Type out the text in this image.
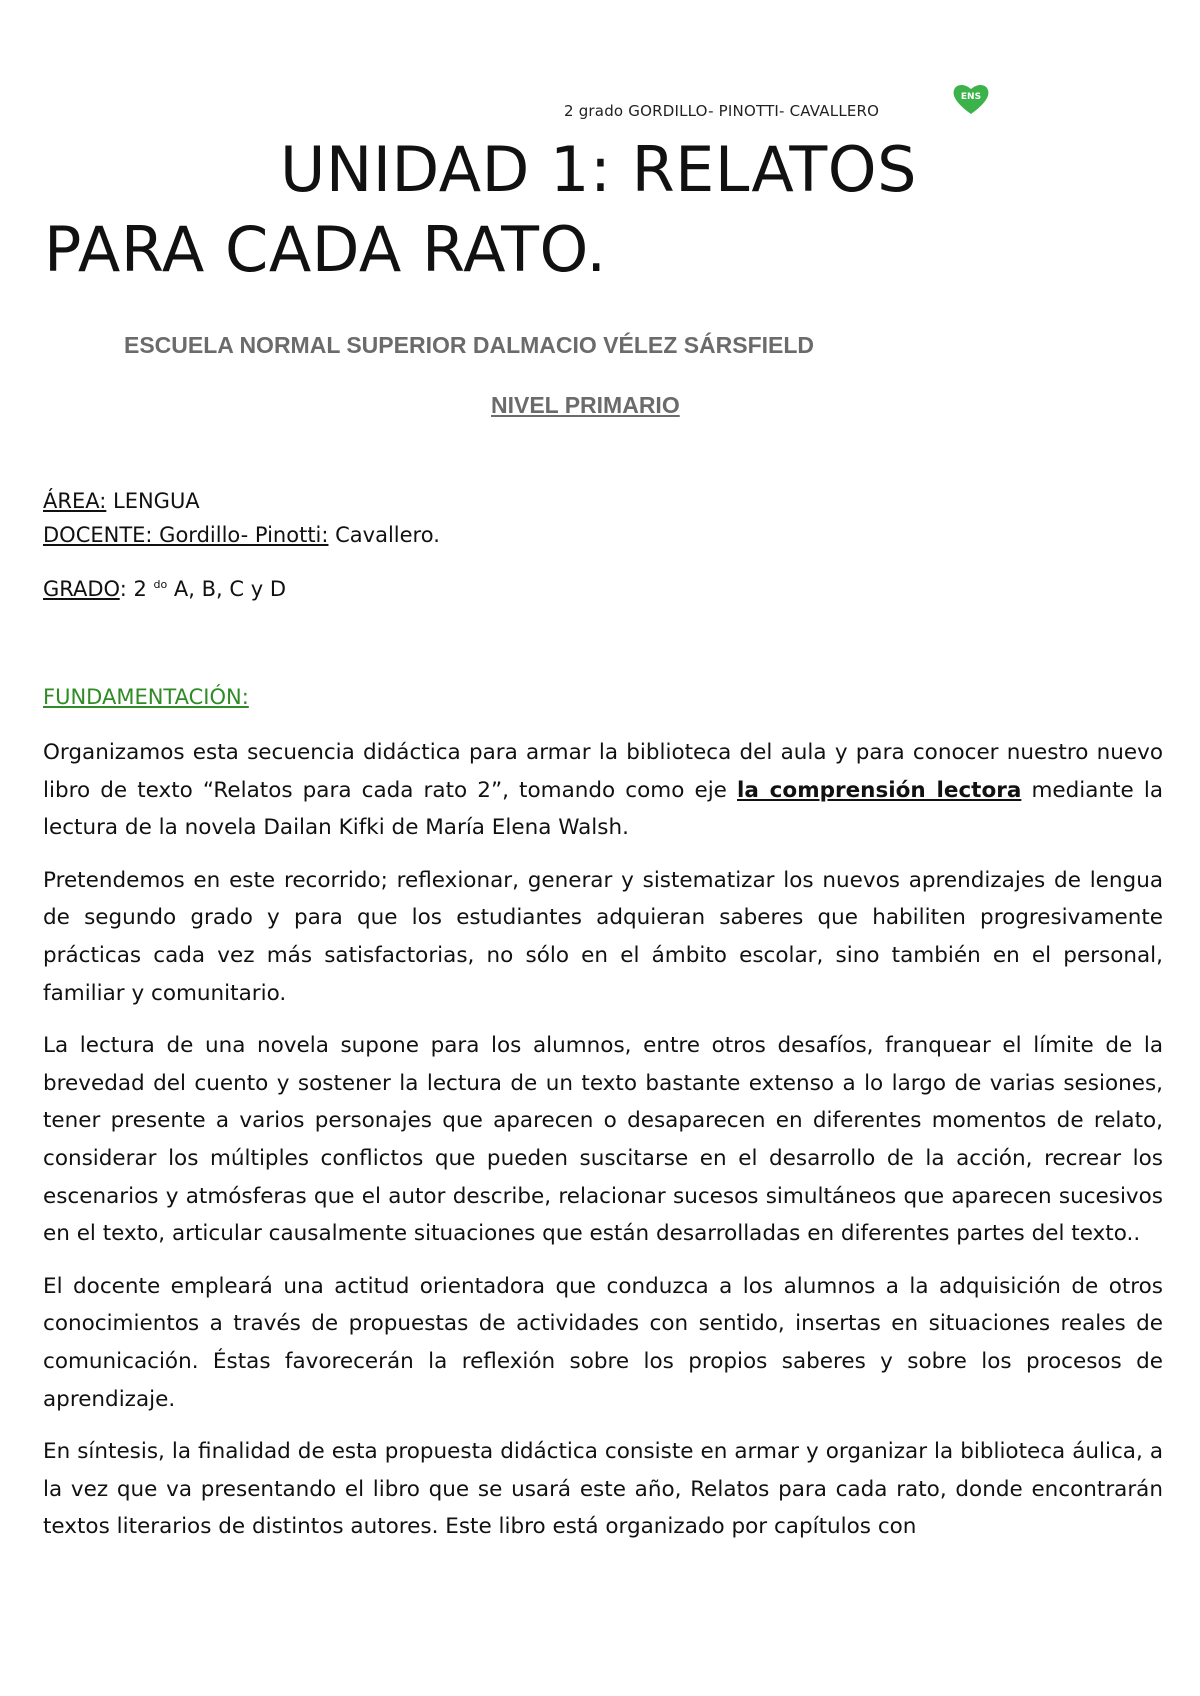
2 grado GORDILLO- PINOTTI- CAVALLERO
ENS
UNIDAD 1: RELATOS
PARA CADA RATO.
ESCUELA NORMAL SUPERIOR DALMACIO VÉLEZ SÁRSFIELD
NIVEL PRIMARIO
ÁREA: LENGUA
DOCENTE: Gordillo- Pinotti: Cavallero.
GRADO: 2 $^{do}$ A, B, C y D
FUNDAMENTACIÓN:

Organizamos esta secuencia didáctica para armar la biblioteca del aula y para conocer nuestro nuevo libro de texto “Relatos para cada rato 2”, tomando como eje la comprensión lectora mediante la lectura de la novela Dailan Kifki de María Elena Walsh.

Pretendemos en este recorrido; reflexionar, generar y sistematizar los nuevos aprendizajes de lengua de segundo grado y para que los estudiantes adquieran saberes que habiliten progresivamente prácticas cada vez más satisfactorias, no sólo en el ámbito escolar, sino también en el personal, familiar y comunitario.

La lectura de una novela supone para los alumnos, entre otros desafíos, franquear el límite de la brevedad del cuento y sostener la lectura de un texto bastante extenso a lo largo de varias sesiones, tener presente a varios personajes que aparecen o desaparecen en diferentes momentos de relato, considerar los múltiples conflictos que pueden suscitarse en el desarrollo de la acción, recrear los escenarios y atmósferas que el autor describe, relacionar sucesos simultáneos que aparecen sucesivos en el texto, articular causalmente situaciones que están desarrolladas en diferentes partes del texto..

El docente empleará una actitud orientadora que conduzca a los alumnos a la adquisición de otros conocimientos a través de propuestas de actividades con sentido, insertas en situaciones reales de comunicación. Éstas favorecerán la reflexión sobre los propios saberes y sobre los procesos de aprendizaje.

En síntesis, la finalidad de esta propuesta didáctica consiste en armar y organizar la biblioteca áulica, a la vez que va presentando el libro que se usará este año, Relatos para cada rato, donde encontrarán textos literarios de distintos autores. Este libro está organizado por capítulos con
